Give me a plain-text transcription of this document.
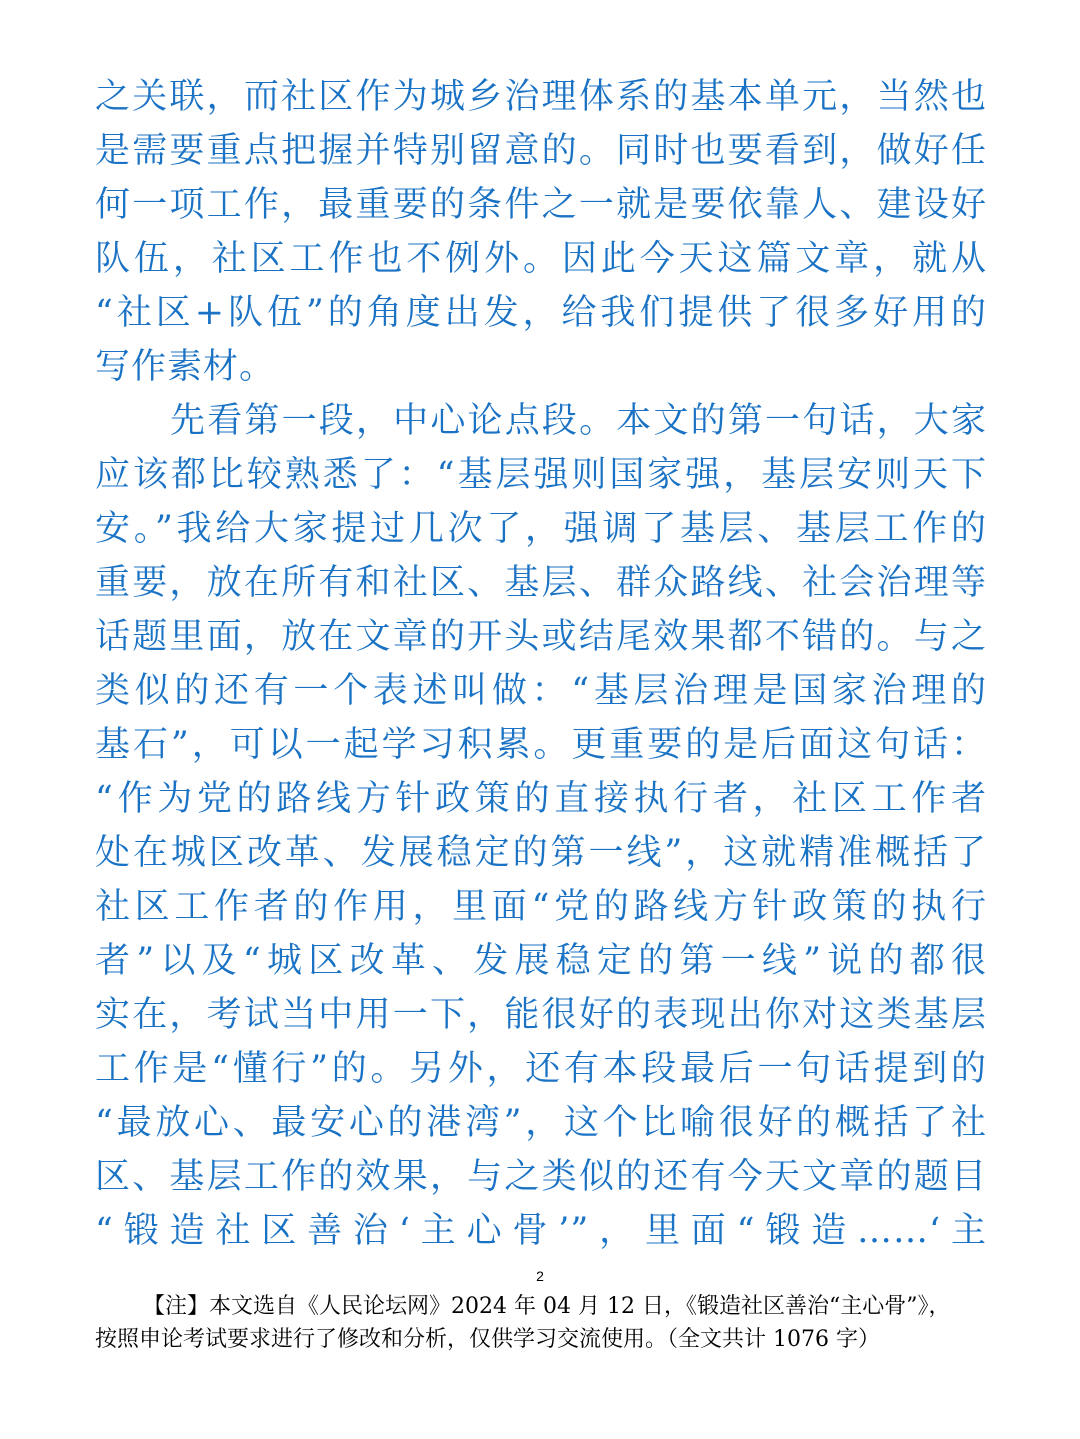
之关联，而社区作为城乡治理体系的基本单元，当然也
是需要重点把握并特别留意的。同时也要看到，做好任
何一项工作，最重要的条件之一就是要依靠人、建设好
队伍，社区工作也不例外。因此今天这篇文章，就从
“社区+队伍”的角度出发，给我们提供了很多好用的
写作素材。
先看第一段，中心论点段。本文的第一句话，大家
应该都比较熟悉了：“基层强则国家强，基层安则天下
安。”我给大家提过几次了，强调了基层、基层工作的
重要，放在所有和社区、基层、群众路线、社会治理等
话题里面，放在文章的开头或结尾效果都不错的。与之
类似的还有一个表述叫做：“基层治理是国家治理的
基石”，可以一起学习积累。更重要的是后面这句话：
“作为党的路线方针政策的直接执行者，社区工作者
处在城区改革、发展稳定的第一线”，这就精准概括了
社区工作者的作用，里面“党的路线方针政策的执行
者”以及“城区改革、发展稳定的第一线”说的都很
实在，考试当中用一下，能很好的表现出你对这类基层
工作是“懂行”的。另外，还有本段最后一句话提到的
“最放心、最安心的港湾”，这个比喻很好的概括了社
区、基层工作的效果，与之类似的还有今天文章的题目
“锻造社区善治‘主心骨’”，里面“锻造……‘主
2
【注】本文选自《人民论坛网》2024 年 04 月 12 日，《锻造社区善治“主心骨”》，
按照申论考试要求进行了修改和分析，仅供学习交流使用。（全文共计 1076 字）
